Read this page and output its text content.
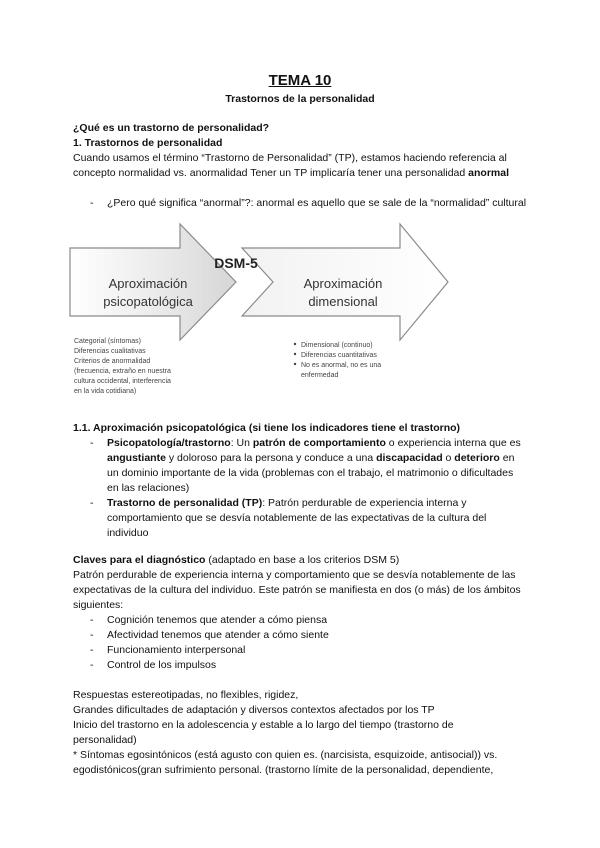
TEMA 10
Trastornos de la personalidad

¿Qué es un trastorno de personalidad?

1. Trastornos de personalidad

Cuando usamos el término “Trastorno de Personalidad” (TP), estamos haciendo referencia al concepto normalidad vs. anormalidad Tener un TP implicaría tener una personalidad anormal

- ¿Pero qué significa “anormal”?: anormal es aquello que se sale de la “normalidad” cultural

DSM-5
Aproximación
psicopatológica
Aproximación
dimensional
Categorial (síntomas)
Diferencias cualitativas
Criterios de anormalidad
(frecuencia, extraño en nuestra
cultura occidental, interferencia
en la vida cotidiana)
Dimensional (continuo)
Diferencias cuantitativas
No es anormal, no es una
enfermedad

1.1. Aproximación psicopatológica (si tiene los indicadores tiene el trastorno)

- Psicopatología/trastorno: Un patrón de comportamiento o experiencia interna que es angustiante y doloroso para la persona y conduce a una discapacidad o deterioro en un dominio importante de la vida (problemas con el trabajo, el matrimonio o dificultades en las relaciones)

- Trastorno de personalidad (TP): Patrón perdurable de experiencia interna y comportamiento que se desvía notablemente de las expectativas de la cultura del individuo

Claves para el diagnóstico (adaptado en base a los criterios DSM 5)

Patrón perdurable de experiencia interna y comportamiento que se desvía notablemente de las expectativas de la cultura del individuo. Este patrón se manifiesta en dos (o más) de los ámbitos siguientes:

- Cognición tenemos que atender a cómo piensa

- Afectividad tenemos que atender a cómo siente

- Funcionamiento interpersonal

- Control de los impulsos

Respuestas estereotipadas, no flexibles, rigidez,

Grandes dificultades de adaptación y diversos contextos afectados por los TP

Inicio del trastorno en la adolescencia y estable a lo largo del tiempo (trastorno de personalidad)

* Síntomas egosintónicos (está agusto con quien es. (narcisista, esquizoide, antisocial)) vs. egodistónicos(gran sufrimiento personal. (trastorno límite de la personalidad, dependiente,
